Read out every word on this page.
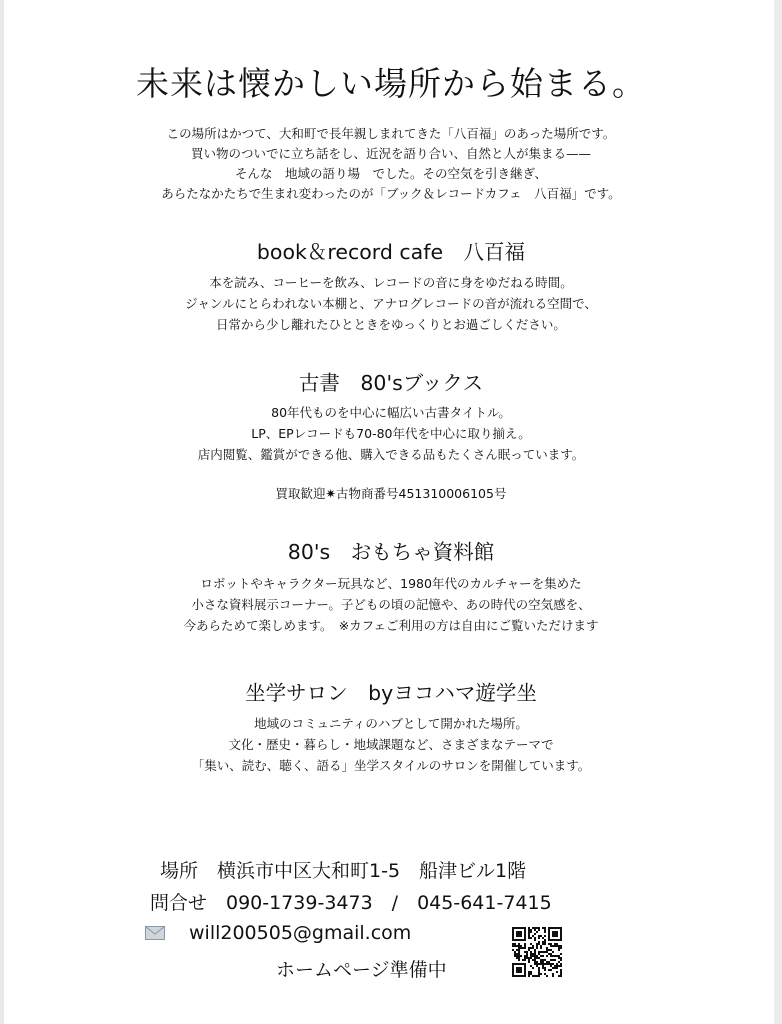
未来は懐かしい場所から始まる。
この場所はかつて、大和町で長年親しまれてきた「八百福」のあった場所です。
買い物のついでに立ち話をし、近況を語り合い、自然と人が集まる——
そんな　地域の語り場　でした。その空気を引き継ぎ、
あらたなかたちで生まれ変わったのが「ブック＆レコードカフェ　八百福」です。
book＆record cafe　八百福
本を読み、コーヒーを飲み、レコードの音に身をゆだねる時間。
ジャンルにとらわれない本棚と、アナログレコードの音が流れる空間で、
日常から少し離れたひとときをゆっくりとお過ごしください。
古書　80'sブックス
80年代ものを中心に幅広い古書タイトル。
LP、EPレコードも70-80年代を中心に取り揃え。
店内閲覧、鑑賞ができる他、購入できる品もたくさん眠っています。
買取歓迎✷古物商番号451310006105号
80's　おもちゃ資料館
ロボットやキャラクター玩具など、1980年代のカルチャーを集めた
小さな資料展示コーナー。子どもの頃の記憶や、あの時代の空気感を、
今あらためて楽しめます。　※カフェご利用の方は自由にご覧いただけます
坐学サロン　byヨコハマ遊学坐
地域のコミュニティのハブとして開かれた場所。
文化・歴史・暮らし・地域課題など、さまざまなテーマで
「集い、読む、聴く、語る」坐学スタイルのサロンを開催しています。
場所　横浜市中区大和町1-5　船津ビル1階
問合せ　090-1739-3473　/　045-641-7415
will200505@gmail.com
ホームページ準備中
